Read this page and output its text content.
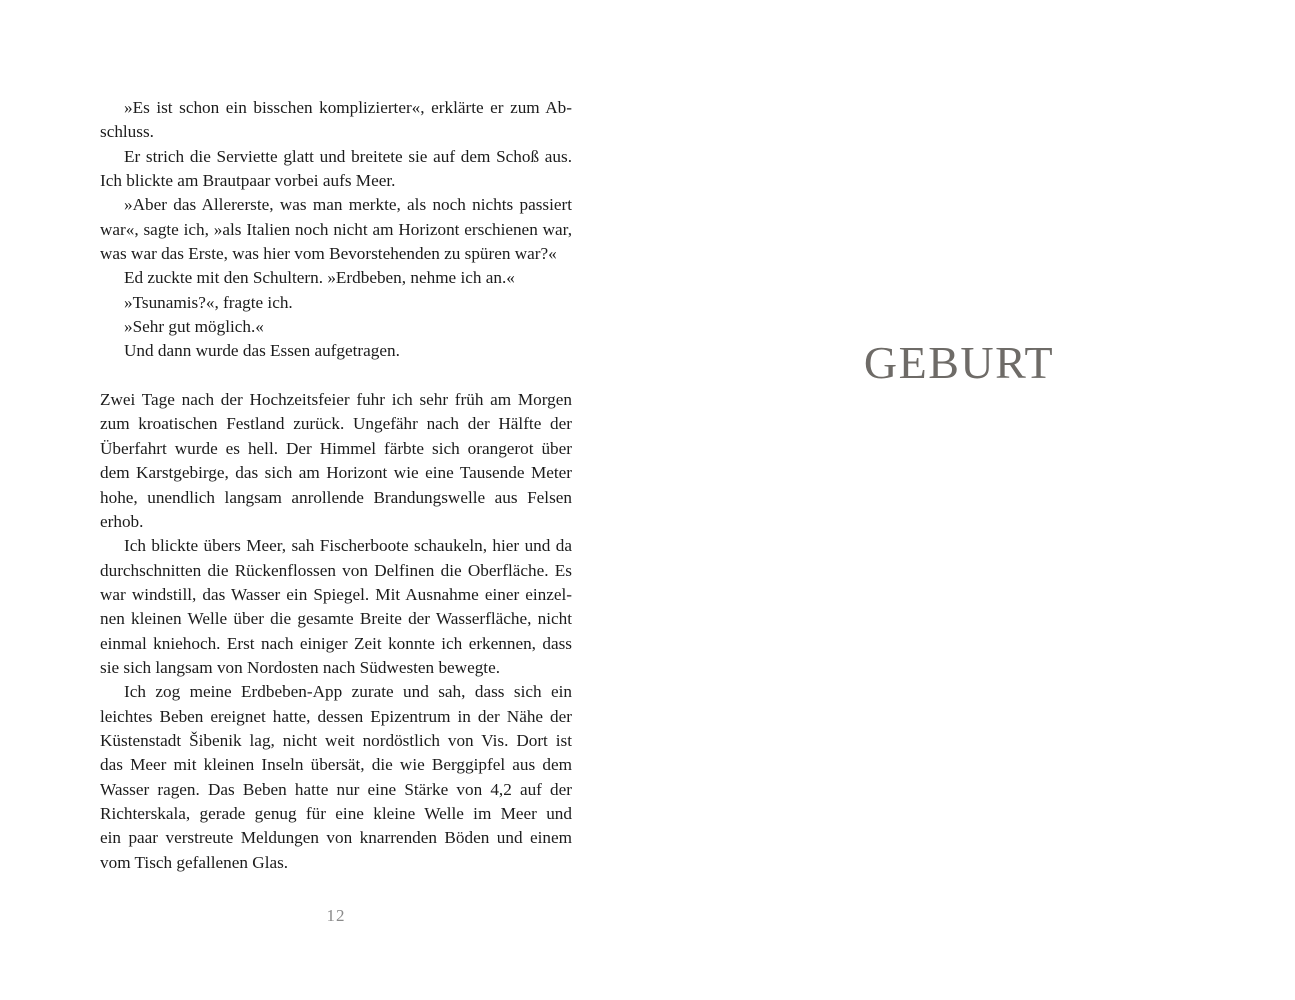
»Es ist schon ein bisschen komplizierter«, erklärte er zum Ab-
schluss.
Er strich die Serviette glatt und breitete sie auf dem Schoß aus.
Ich blickte am Brautpaar vorbei aufs Meer.
»Aber das Allererste, was man merkte, als noch nichts passiert
war«, sagte ich, »als Italien noch nicht am Horizont erschienen war,
was war das Erste, was hier vom Bevorstehenden zu spüren war?«
Ed zuckte mit den Schultern. »Erdbeben, nehme ich an.«
»Tsunamis?«, fragte ich.
»Sehr gut möglich.«
Und dann wurde das Essen aufgetragen.
Zwei Tage nach der Hochzeitsfeier fuhr ich sehr früh am Morgen
zum kroatischen Festland zurück. Ungefähr nach der Hälfte der
Überfahrt wurde es hell. Der Himmel färbte sich orangerot über
dem Karstgebirge, das sich am Horizont wie eine Tausende Meter
hohe, unendlich langsam anrollende Brandungswelle aus Felsen
erhob.
Ich blickte übers Meer, sah Fischerboote schaukeln, hier und da
durchschnitten die Rückenflossen von Delfinen die Oberfläche. Es
war windstill, das Wasser ein Spiegel. Mit Ausnahme einer einzel-
nen kleinen Welle über die gesamte Breite der Wasserfläche, nicht
einmal kniehoch. Erst nach einiger Zeit konnte ich erkennen, dass
sie sich langsam von Nordosten nach Südwesten bewegte.
Ich zog meine Erdbeben-App zurate und sah, dass sich ein
leichtes Beben ereignet hatte, dessen Epizentrum in der Nähe der
Küstenstadt Šibenik lag, nicht weit nordöstlich von Vis. Dort ist
das Meer mit kleinen Inseln übersät, die wie Berggipfel aus dem
Wasser ragen. Das Beben hatte nur eine Stärke von 4,2 auf der
Richterskala, gerade genug für eine kleine Welle im Meer und
ein paar verstreute Meldungen von knarrenden Böden und einem
vom Tisch gefallenen Glas.
12
GEBURT
